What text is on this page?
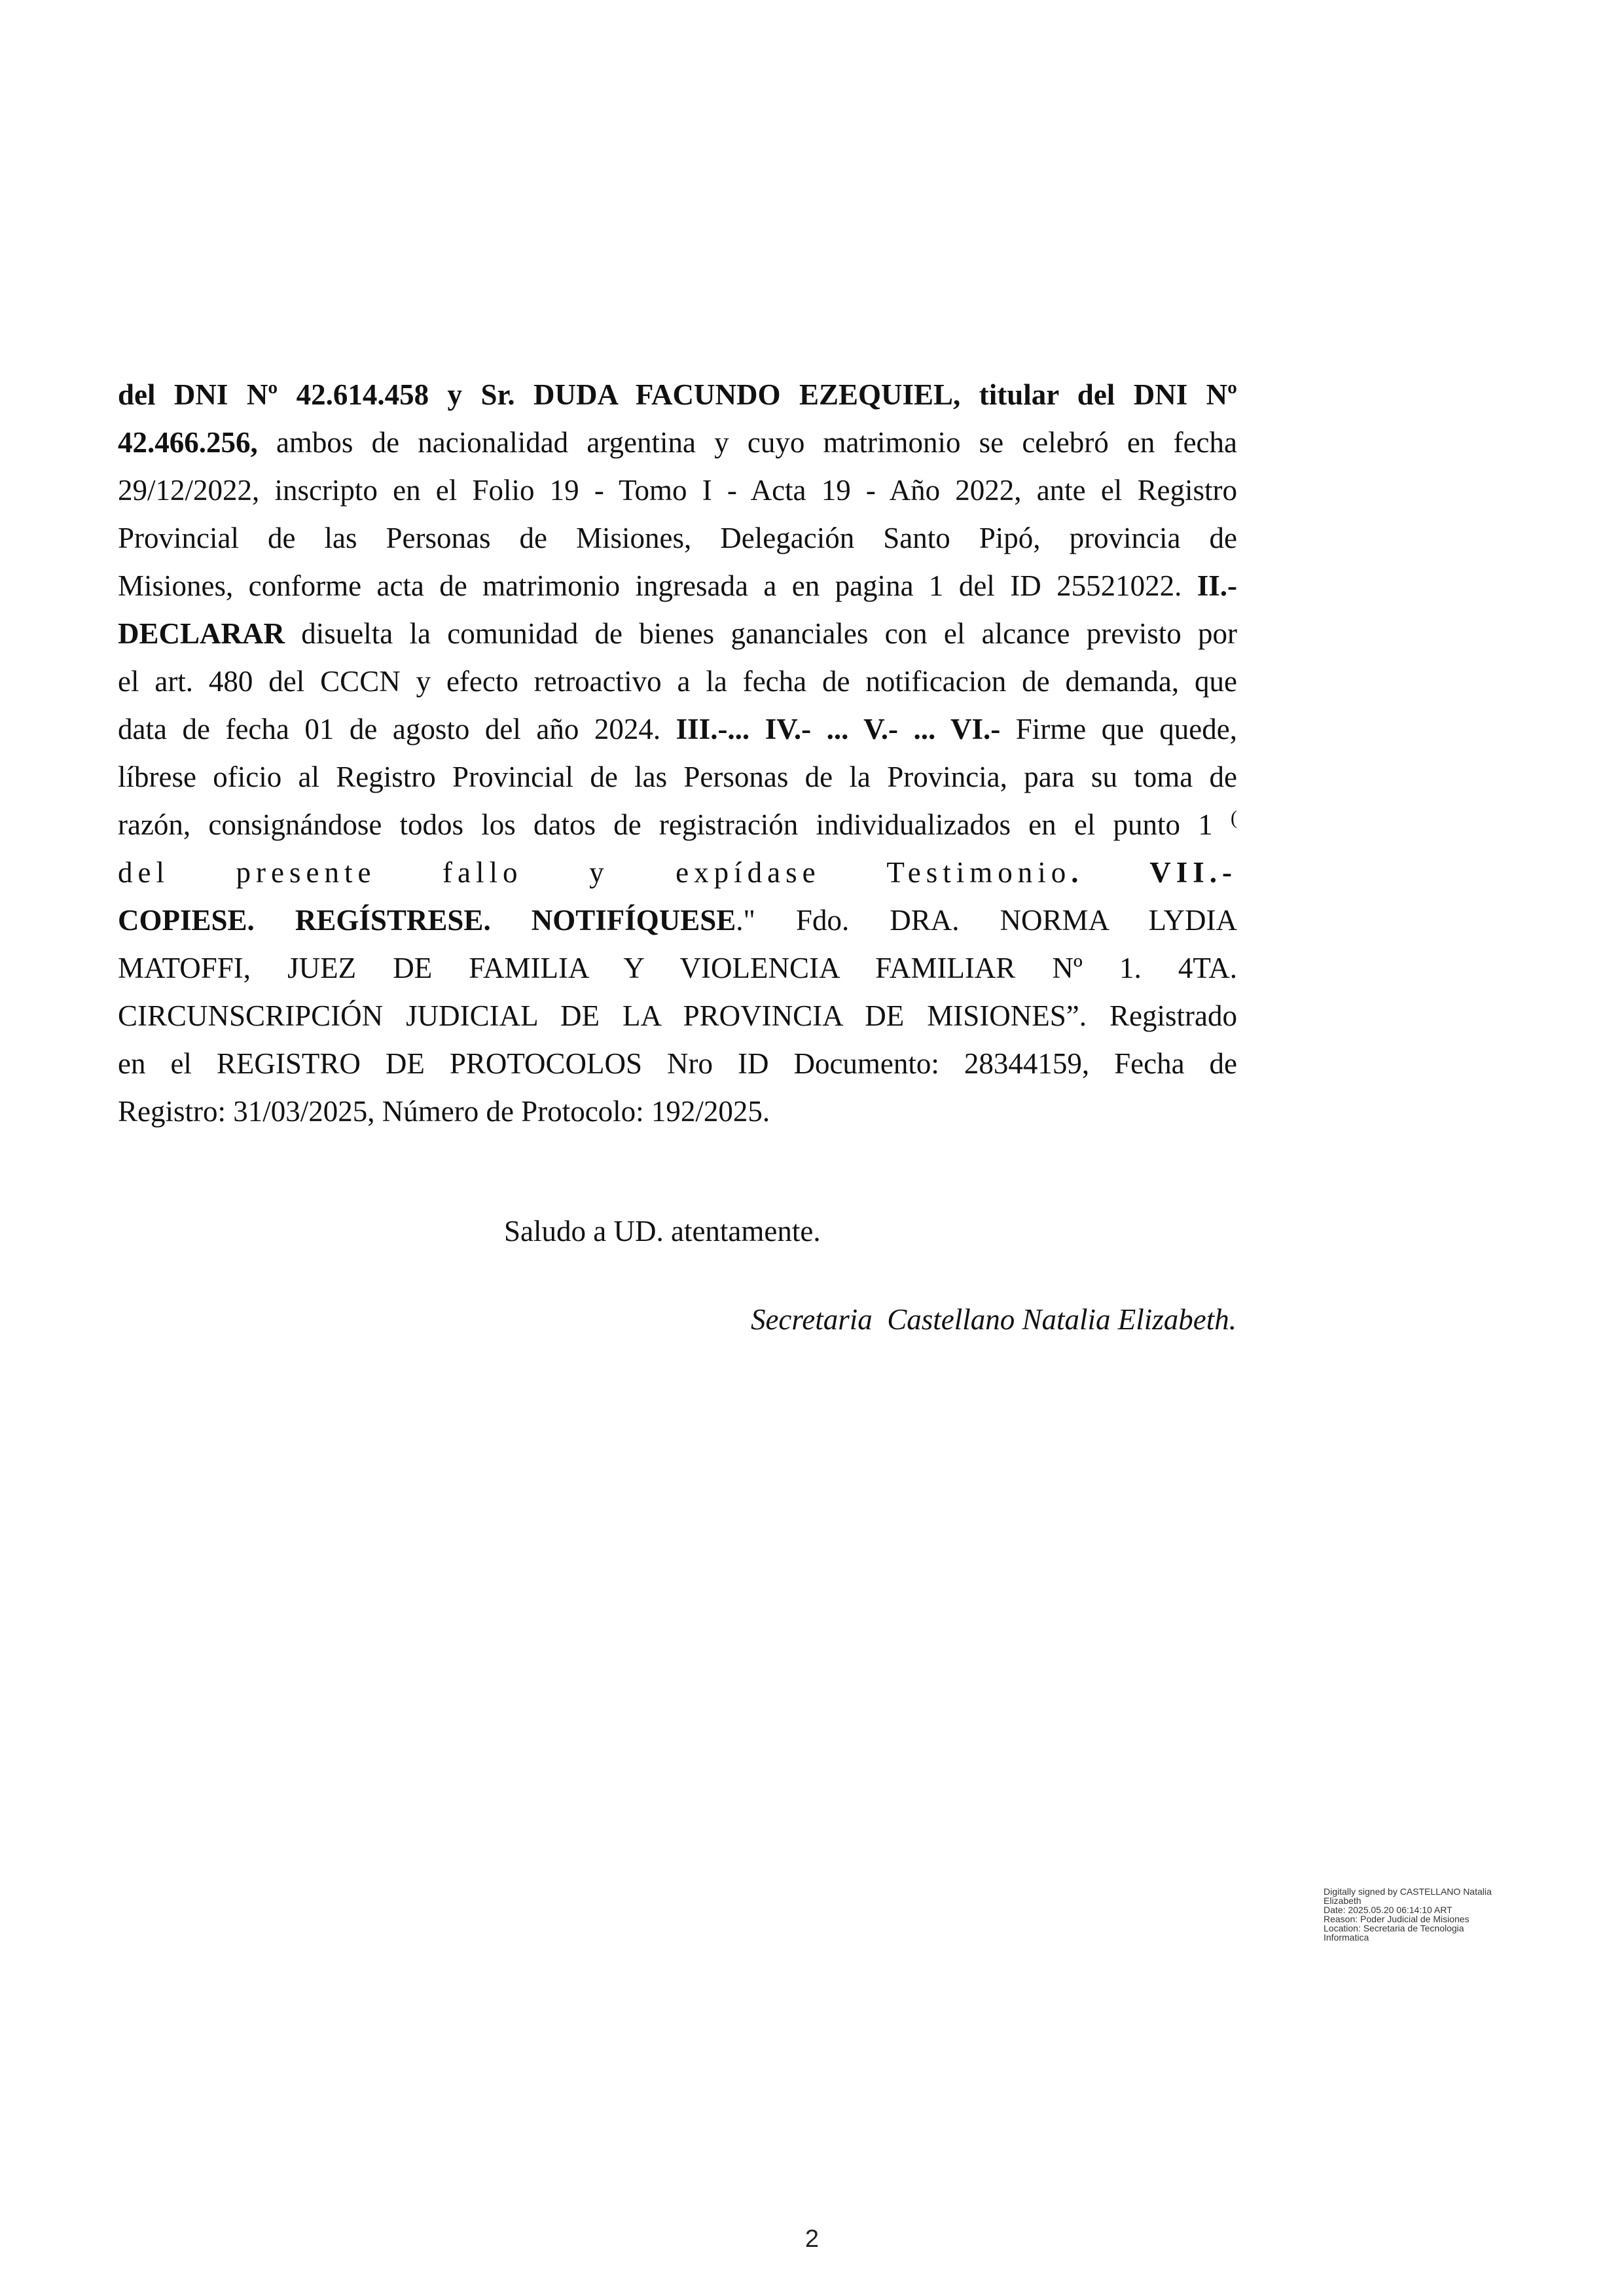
del DNI Nº 42.614.458 y Sr. DUDA FACUNDO EZEQUIEL, titular del DNI Nº
42.466.256, ambos de nacionalidad argentina y cuyo matrimonio se celebró en fecha
29/12/2022, inscripto en el Folio 19 - Tomo I - Acta 19 - Año 2022, ante el Registro
Provincial de las Personas de Misiones, Delegación Santo Pipó, provincia de
Misiones, conforme acta de matrimonio ingresada a en pagina 1 del ID 25521022. II.-
DECLARAR disuelta la comunidad de bienes gananciales con el alcance previsto por
el art. 480 del CCCN y efecto retroactivo a la fecha de notificacion de demanda, que
data de fecha 01 de agosto del año 2024. III.-... IV.- ... V.- ... VI.- Firme que quede,
líbrese oficio al Registro Provincial de las Personas de la Provincia, para su toma de
razón, consignándose todos los datos de registración individualizados en el punto 1 (
del presente fallo y expídase Testimonio. VII.-
COPIESE. REGÍSTRESE. NOTIFÍQUESE." Fdo. DRA. NORMA LYDIA
MATOFFI, JUEZ DE FAMILIA Y VIOLENCIA FAMILIAR Nº 1. 4TA.
CIRCUNSCRIPCIÓN JUDICIAL DE LA PROVINCIA DE MISIONES”. Registrado
en el REGISTRO DE PROTOCOLOS Nro ID Documento: 28344159, Fecha de
Registro: 31/03/2025, Número de Protocolo: 192/2025.
Saludo a UD. atentamente.
Secretaria  Castellano Natalia Elizabeth.
Digitally signed by CASTELLANO Natalia
Elizabeth
Date: 2025.05.20 06:14:10 ART
Reason: Poder Judicial de Misiones
Location: Secretaria de Tecnologia
Informatica
2
